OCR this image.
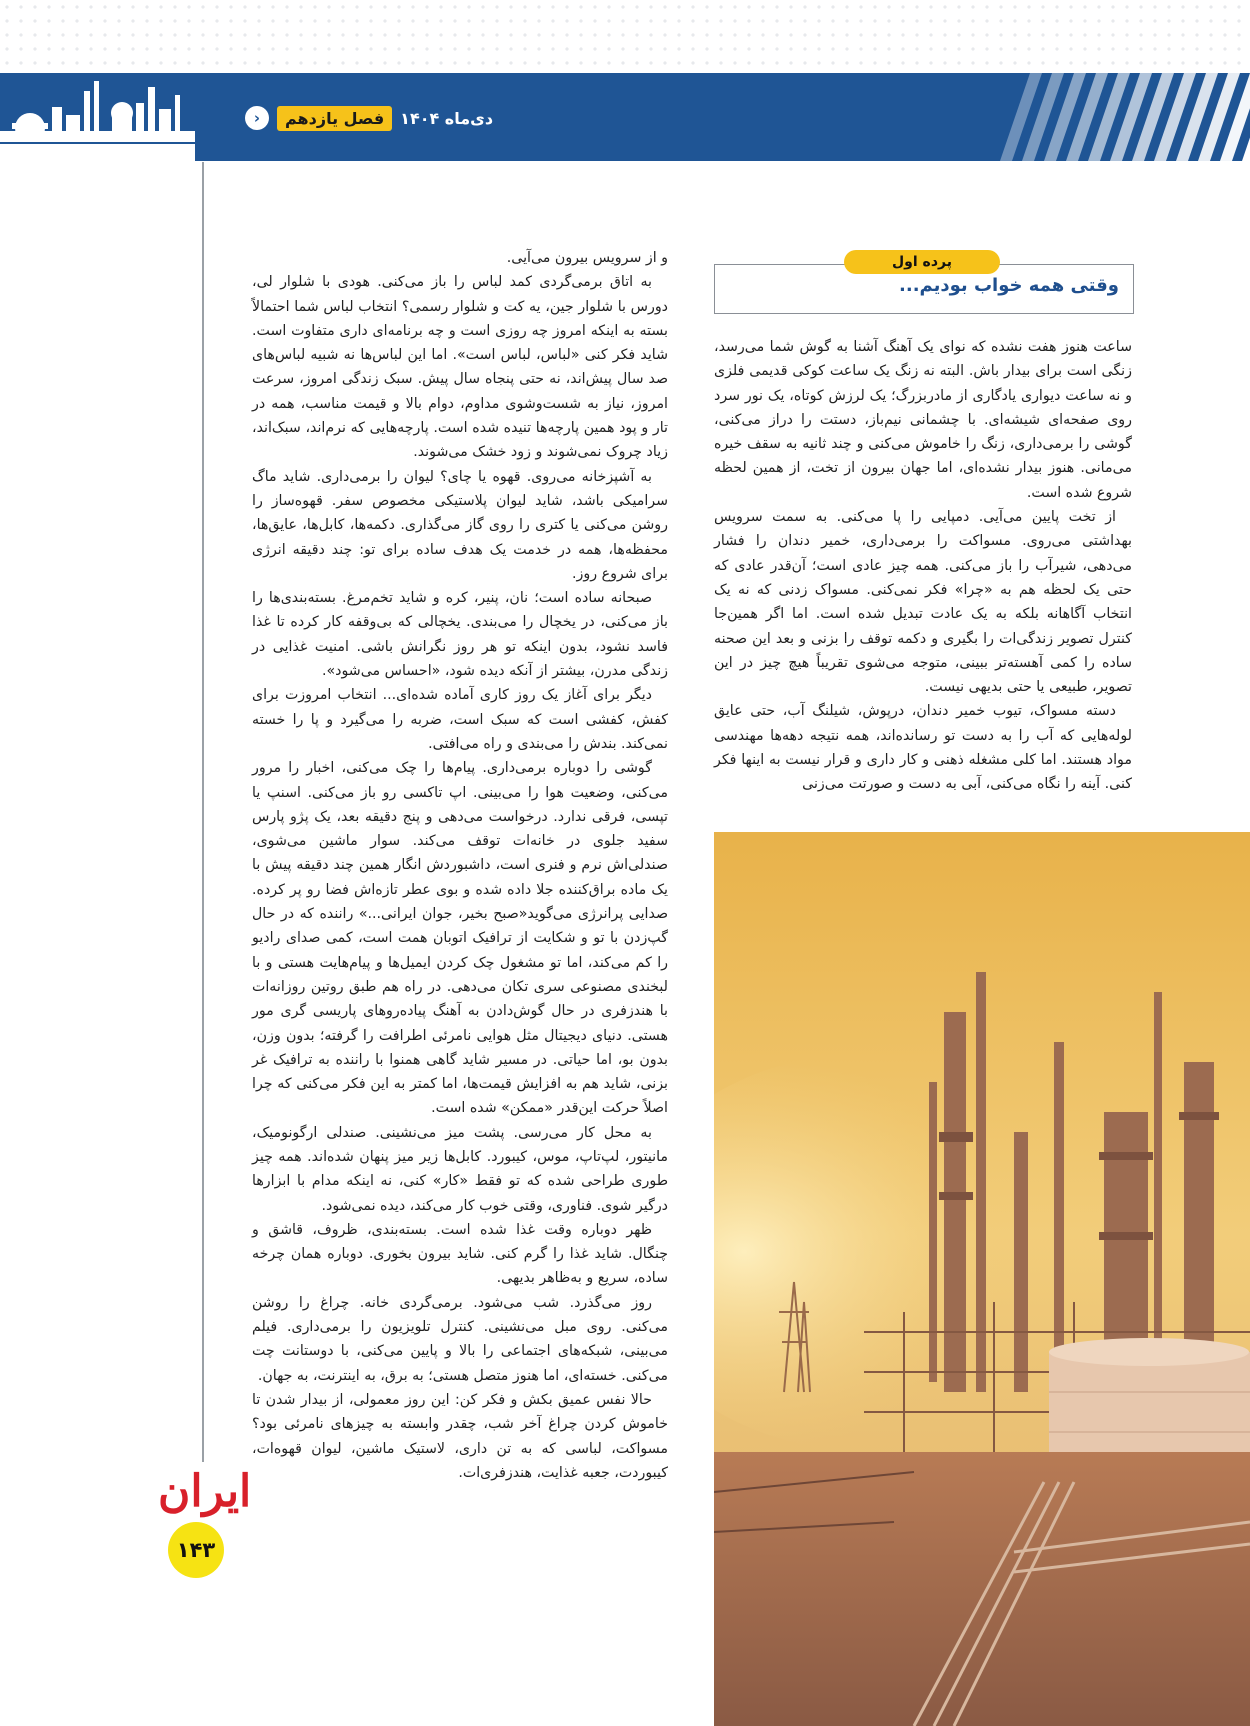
دی‌ماه ۱۴۰۴
فصل یازدهم
‹
وقتی همه خواب بودیم...
پرده اول

ساعت هنوز هفت نشده که نوای یک آهنگ آشنا به گوش شما می‌رسد، زنگی است برای بیدار باش. البته نه زنگ یک ساعت کوکی قدیمی فلزی و نه ساعت دیواری یادگاری از مادربزرگ؛ یک لرزش کوتاه، یک نور سرد روی صفحه‌ای شیشه‌ای. با چشمانی نیم‌باز، دستت را دراز می‌کنی، گوشی را برمی‌داری، زنگ را خاموش می‌کنی و چند ثانیه به سقف خیره می‌مانی. هنوز بیدار نشده‌ای، اما جهان بیرون از تخت، از همین لحظه شروع شده است.

از تخت پایین می‌آیی. دمپایی را پا می‌کنی. به سمت سرویس بهداشتی می‌روی. مسواکت را برمی‌داری، خمیر دندان را فشار می‌دهی، شیرآب را باز می‌کنی. همه چیز عادی است؛ آن‌قدر عادی که حتی یک لحظه هم به «چرا» فکر نمی‌کنی. مسواک زدنی که نه یک انتخاب آگاهانه بلکه به یک عادت تبدیل شده است. اما اگر همین‌جا کنترل تصویر زندگی‌ات را بگیری و دکمه توقف را بزنی و بعد این صحنه ساده را کمی آهسته‌تر ببینی، متوجه می‌شوی تقریباً هیچ چیز در این تصویر، طبیعی یا حتی بدیهی نیست.

دسته مسواک، تیوب خمیر دندان، درپوش، شیلنگ آب، حتی عایق لوله‌هایی که آب را به دست تو رسانده‌اند، همه نتیجه دهه‌ها مهندسی مواد هستند. اما کلی مشغله ذهنی و کار داری و قرار نیست به اینها فکر کنی. آینه را نگاه می‌کنی، آبی به دست و صورتت می‌زنی

و از سرویس بیرون می‌آیی.

به اتاق برمی‌گردی کمد لباس را باز می‌کنی. هودی با شلوار لی، دورس با شلوار جین، یه کت و شلوار رسمی؟ انتخاب لباس شما احتمالاً بسته به اینکه امروز چه روزی است و چه برنامه‌ای داری متفاوت است. شاید فکر کنی «لباس، لباس است». اما این لباس‌ها نه شبیه لباس‌های صد سال پیش‌اند، نه حتی پنجاه سال پیش. سبک زندگی امروز، سرعت امروز، نیاز به شست‌وشوی مداوم، دوام بالا و قیمت مناسب، همه در تار و پود همین پارچه‌ها تنیده شده است. پارچه‌هایی که نرم‌اند، سبک‌اند، زیاد چروک نمی‌شوند و زود خشک می‌شوند.

به آشپزخانه می‌روی. قهوه یا چای؟ لیوان را برمی‌داری. شاید ماگ سرامیکی باشد، شاید لیوان پلاستیکی مخصوص سفر. قهوه‌ساز را روشن می‌کنی یا کتری را روی گاز می‌گذاری. دکمه‌ها، کابل‌ها، عایق‌ها، محفظه‌ها، همه در خدمت یک هدف ساده برای تو: چند دقیقه انرژی برای شروع روز.

صبحانه ساده است؛ نان، پنیر، کره و شاید تخم‌مرغ. بسته‌بندی‌ها را باز می‌کنی، در یخچال را می‌بندی. یخچالی که بی‌وقفه کار کرده تا غذا فاسد نشود، بدون اینکه تو هر روز نگرانش باشی. امنیت غذایی در زندگی مدرن، بیشتر از آنکه دیده شود، «احساس می‌شود».

دیگر برای آغاز یک روز کاری آماده شده‌ای... انتخاب امروزت برای کفش، کفشی است که سبک است، ضربه را می‌گیرد و پا را خسته نمی‌کند. بندش را می‌بندی و راه می‌افتی.

گوشی را دوباره برمی‌داری. پیام‌ها را چک می‌کنی، اخبار را مرور می‌کنی، وضعیت هوا را می‌بینی. اپ تاکسی رو باز می‌کنی. اسنپ یا تپسی، فرقی ندارد. درخواست می‌دهی و پنج دقیقه بعد، یک پژو پارس سفید جلوی در خانه‌ات توقف می‌کند. سوار ماشین می‌شوی، صندلی‌اش نرم و فنری است، داشبوردش انگار همین چند دقیقه پیش با یک ماده براق‌کننده جلا داده شده و بوی عطر تازه‌اش فضا رو پر کرده. صدایی پرانرژی می‌گوید«صبح بخیر، جوان ایرانی...» راننده که در حال گپ‌زدن با تو و شکایت از ترافیک اتوبان همت است، کمی صدای رادیو را کم می‌کند، اما تو مشغول چک کردن ایمیل‌ها و پیام‌هایت هستی و با لبخندی مصنوعی سری تکان می‌دهی. در راه هم طبق روتین روزانه‌ات با هندزفری در حال گوش‌دادن به آهنگ پیاده‌روهای پاریسی گری مور هستی. دنیای دیجیتال مثل هوایی نامرئی اطرافت را گرفته؛ بدون وزن، بدون بو، اما حیاتی. در مسیر شاید گاهی همنوا با راننده به ترافیک غر بزنی، شاید هم به افزایش قیمت‌ها، اما کمتر به این فکر می‌کنی که چرا اصلاً حرکت این‌قدر «ممکن» شده است.

به محل کار می‌رسی. پشت میز می‌نشینی. صندلی ارگونومیک، مانیتور، لپ‌تاپ، موس، کیبورد. کابل‌ها زیر میز پنهان شده‌اند. همه چیز طوری طراحی شده که تو فقط «کار» کنی، نه اینکه مدام با ابزارها درگیر شوی. فناوری، وقتی خوب کار می‌کند، دیده نمی‌شود.

ظهر دوباره وقت غذا شده است. بسته‌بندی، ظروف، قاشق و چنگال. شاید غذا را گرم کنی. شاید بیرون بخوری. دوباره همان چرخه ساده، سریع و به‌ظاهر بدیهی.

روز می‌گذرد. شب می‌شود. برمی‌گردی خانه. چراغ را روشن می‌کنی. روی مبل می‌نشینی. کنترل تلویزیون را برمی‌داری. فیلم می‌بینی، شبکه‌های اجتماعی را بالا و پایین می‌کنی، با دوستانت چت می‌کنی. خسته‌ای، اما هنوز متصل هستی؛ به برق، به اینترنت، به جهان.

حالا نفس عمیق بکش و فکر کن: این روز معمولی، از بیدار شدن تا خاموش کردن چراغ آخر شب، چقدر وابسته به چیزهای نامرئی بود؟ مسواکت، لباسی که به تن داری، لاستیک ماشین، لیوان قهوه‌ات، کیبوردت، جعبه غذایت، هندزفری‌ات.

ایران
۱۴۳
